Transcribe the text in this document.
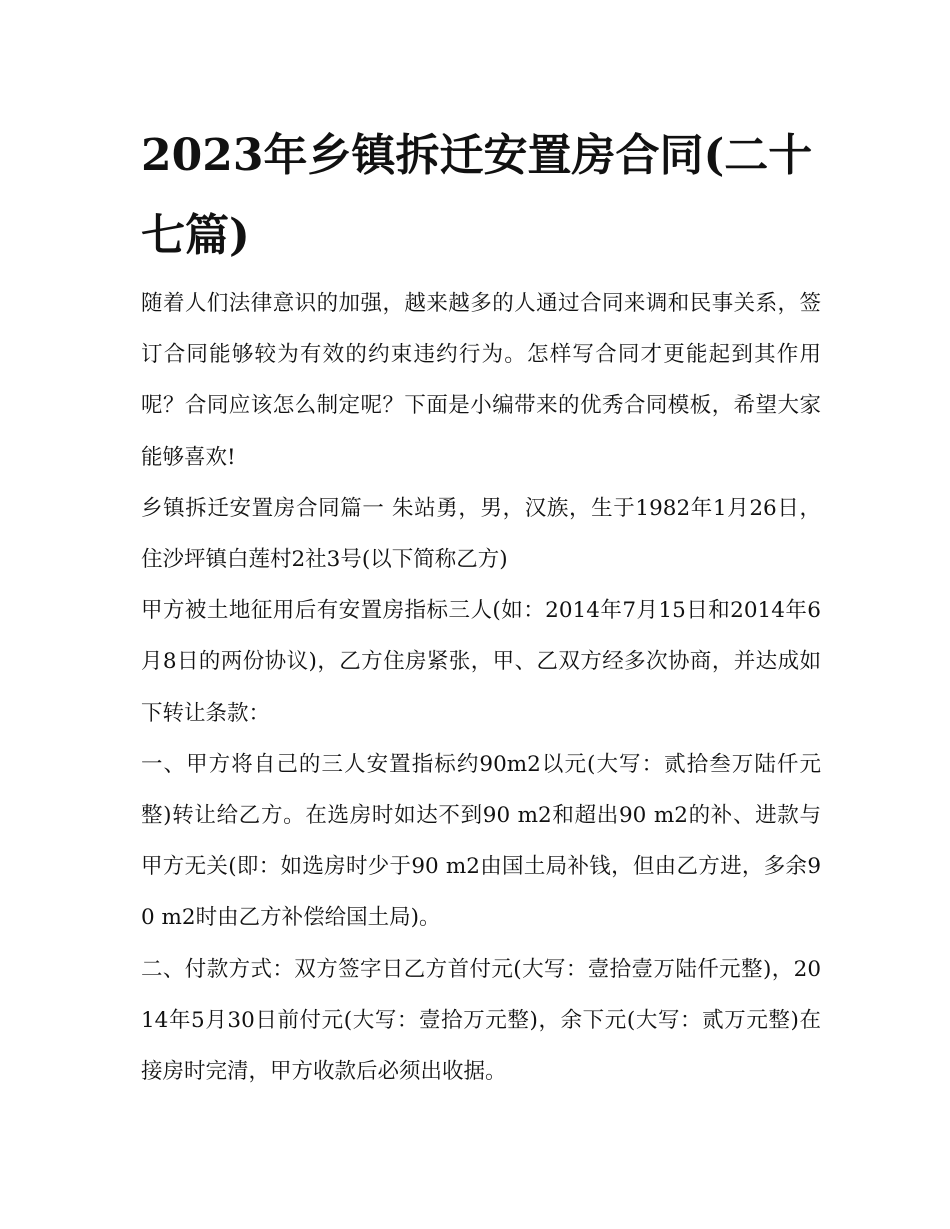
2023年乡镇拆迁安置房合同(二十七篇)

随着人们法律意识的加强，越来越多的人通过合同来调和民事关系，签订合同能够较为有效的约束违约行为。怎样写合同才更能起到其作用呢？合同应该怎么制定呢？下面是小编带来的优秀合同模板，希望大家能够喜欢!

乡镇拆迁安置房合同篇一 朱站勇，男，汉族，生于1982年1月26日，住沙坪镇白莲村2社3号(以下简称乙方)

甲方被土地征用后有安置房指标三人(如：2014年7月15日和2014年6月8日的两份协议)，乙方住房紧张，甲、乙双方经多次协商，并达成如下转让条款：

一、甲方将自己的三人安置指标约90m2以元(大写：贰拾叁万陆仟元整)转让给乙方。在选房时如达不到90 m2和超出90 m2的补、进款与甲方无关(即：如选房时少于90 m2由国土局补钱，但由乙方进，多余90 m2时由乙方补偿给国土局)。

二、付款方式：双方签字日乙方首付元(大写：壹拾壹万陆仟元整)，2014年5月30日前付元(大写：壹拾万元整)，余下元(大写：贰万元整)在接房时完清，甲方收款后必须出收据。
